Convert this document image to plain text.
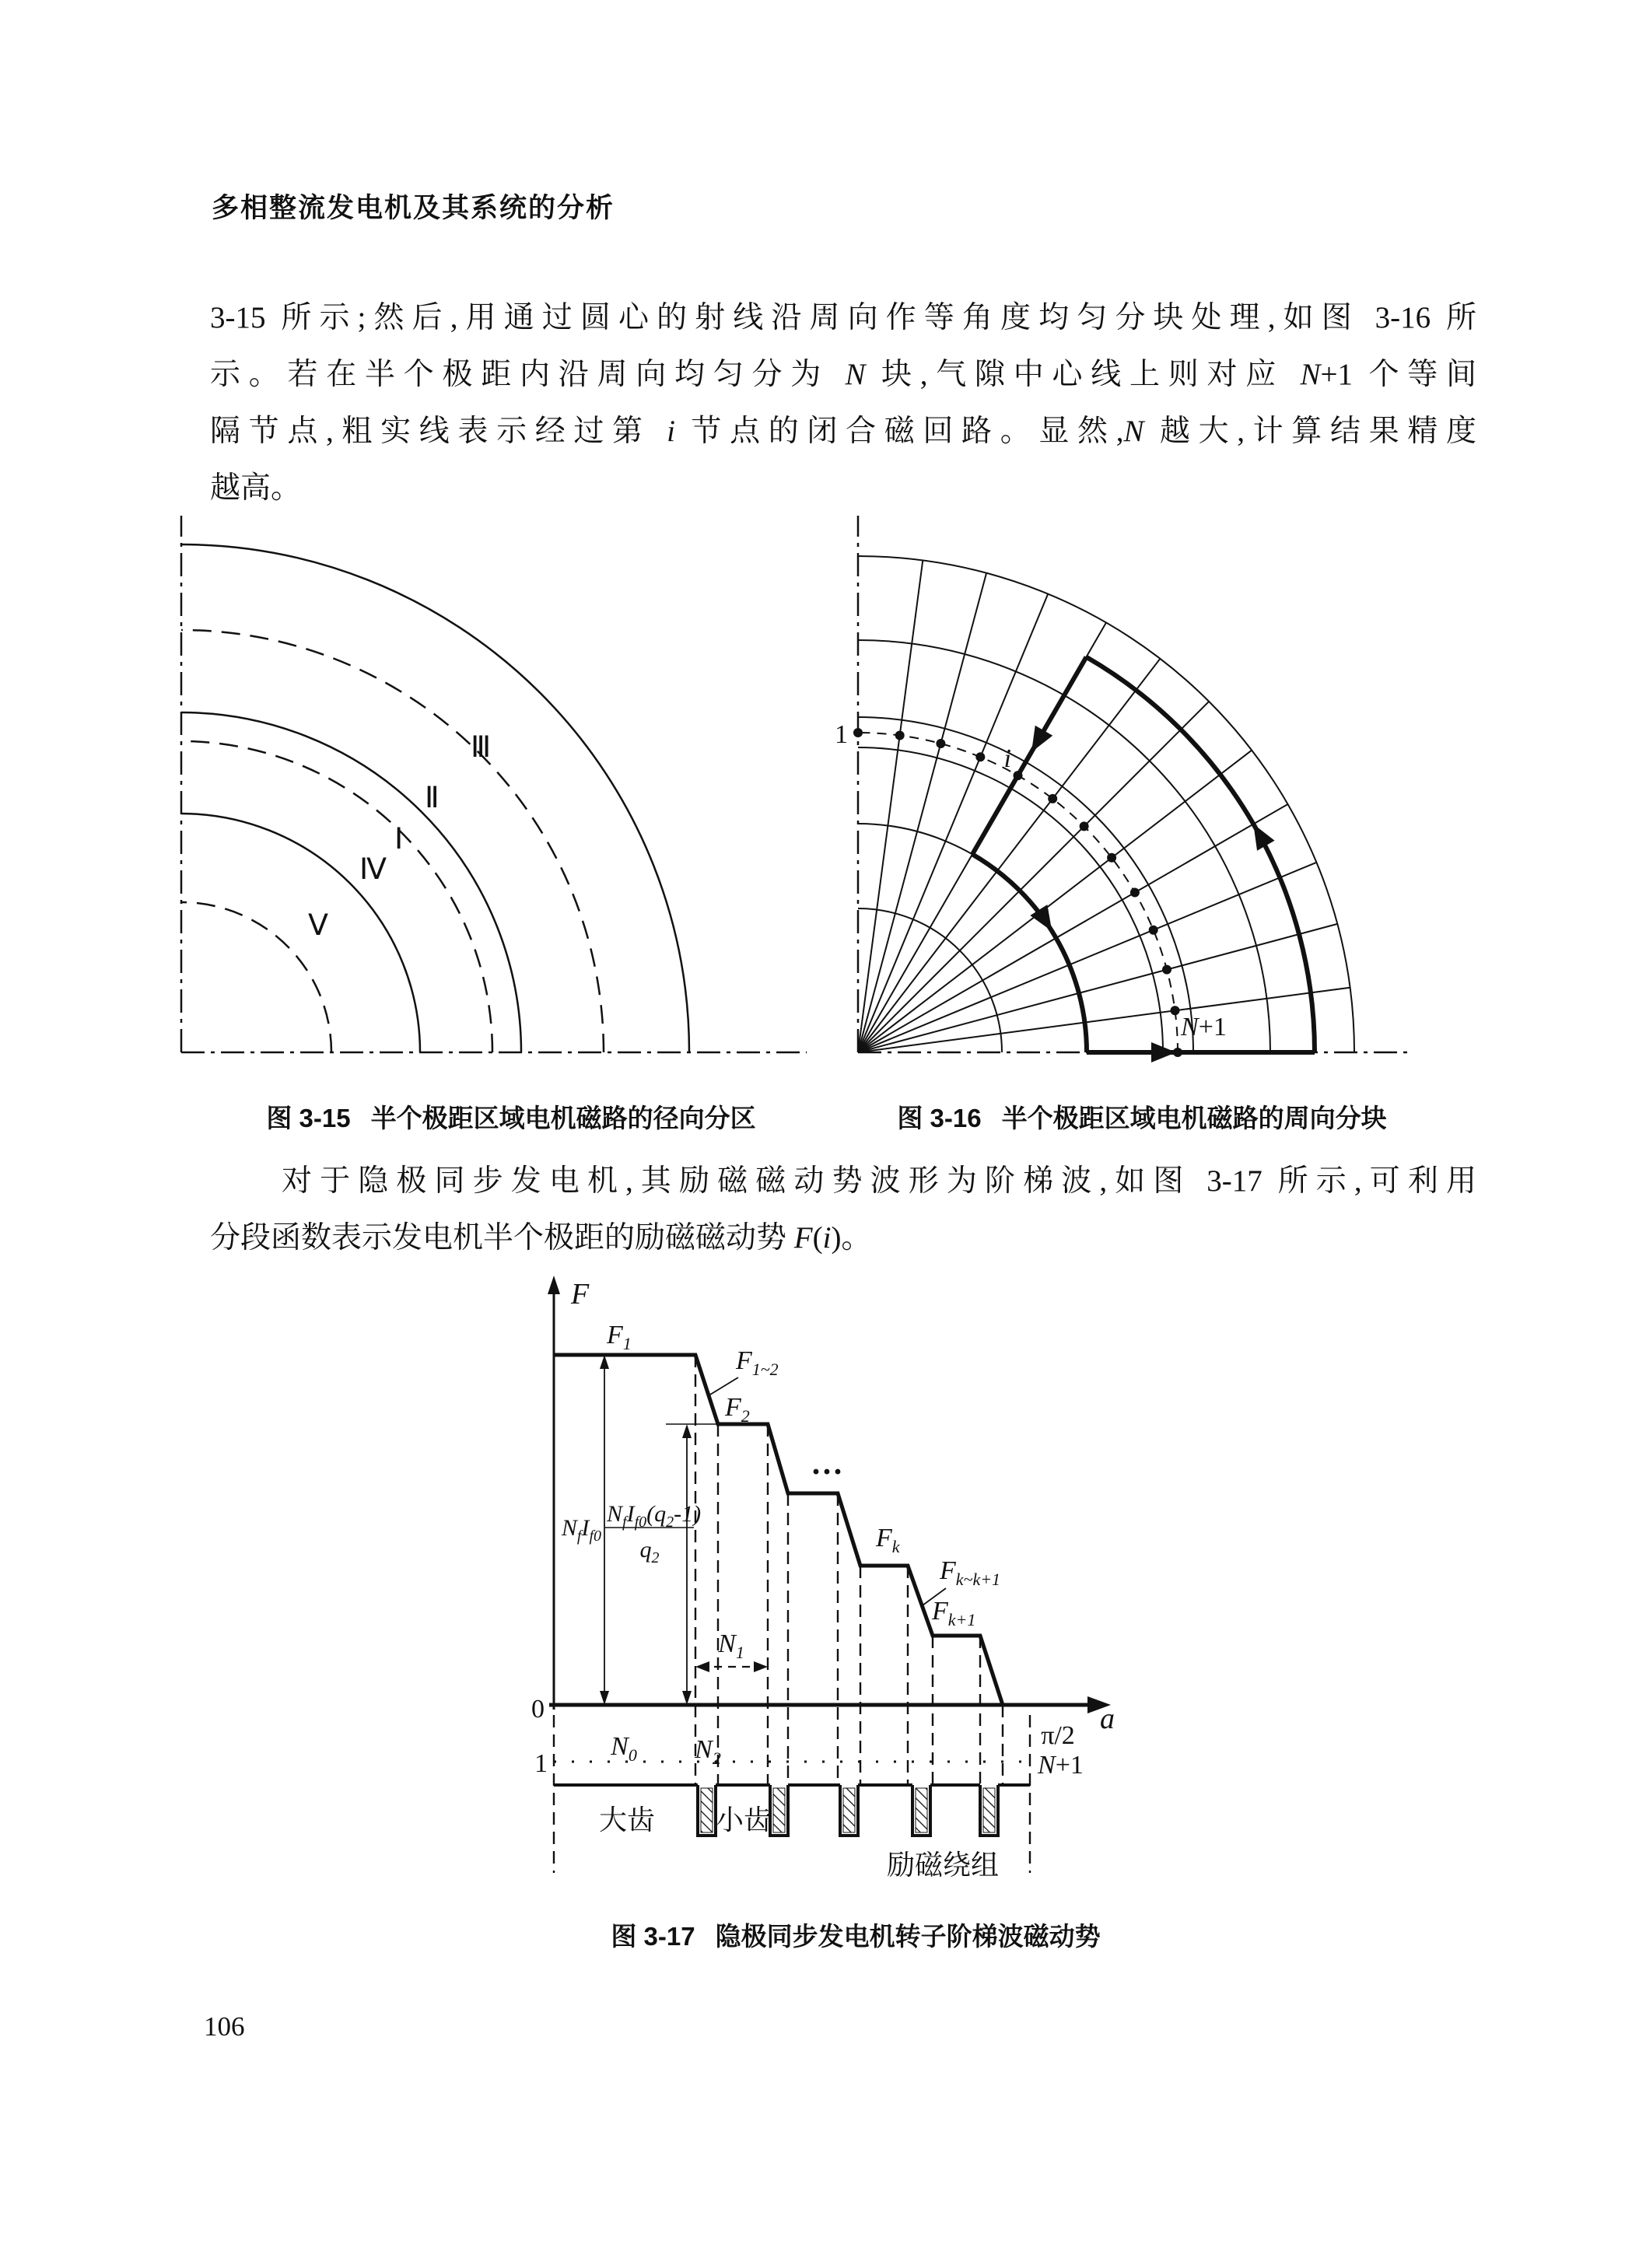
多相整流发电机及其系统的分析
3-15 所示;然后,用通过圆心的射线沿周向作等角度均匀分块处理,如图 3-16 所
示。若在半个极距内沿周向均匀分为 N 块,气隙中心线上则对应 N+1 个等间
隔节点,粗实线表示经过第 i 节点的闭合磁回路。显然,N 越大,计算结果精度
越高。
Ⅲ
Ⅱ
Ⅰ
Ⅳ
Ⅴ
1
i
N+1
图 3-15 半个极距区域电机磁路的径向分区	图 3-16 半个极距区域电机磁路的周向分块
对于隐极同步发电机,其励磁磁动势波形为阶梯波,如图 3-17 所示,可利用
分段函数表示发电机半个极距的励磁磁动势 F(i)。
F
a
0
π/2
F1
F1~2
F2
···
Fk
Fk~k+1
Fk+1
NfIf0
NfIf0(q2-1)
q2
N1
N0 N2
1	N+1
大齿 小齿
励磁绕组
图 3-17 隐极同步发电机转子阶梯波磁动势
106
